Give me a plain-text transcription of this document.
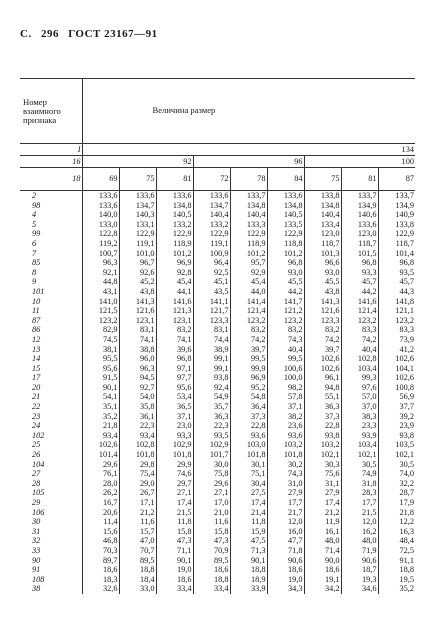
С. 296 ГОСТ 23167—91

Номер взаимного признака	Величина размер								
I	134								
16	92			96			100		
18	69	75	81	72	78	84	75	81	87
2	133,6	133,6	133,6	133,6	133,7	133,6	133,8	133,7	133,7
98	133,6	134,7	134,8	134,7	134,8	134,8	134,8	134,9	134,9
4	140,0	140,3	140,5	140,4	140,4	140,5	140,4	140,6	140,9
5	133,0	133,1	133,2	133,2	133,3	133,5	133,4	133,6	133,8
99	122,8	122,9	122,9	122,9	122,9	122,9	123,0	123,0	122,9
6	119,2	119,1	118,9	119,1	118,9	118,8	118,7	118,7	118,7
7	100,7	101,0	101,2	100,9	101,2	101,2	101,3	101,5	101,4
85	96,3	96,7	96,9	96,4	95,7	96,8	96,6	96,8	96,8
8	92,1	92,6	92,8	92,5	92,9	93,0	93,0	93,3	93,5
9	44,8	45,2	45,4	45,1	45,4	45,5	45,5	45,7	45,7
101	43,1	43,8	44,1	43,5	44,0	44,2	43,8	44,2	44,3
10	141,0	141,3	141,6	141,1	141,4	141,7	141,3	141,6	141,8
11	121,5	121,6	121,3	121,7	121,4	121,2	121,6	121,4	121,1
87	123,2	123,1	123,1	123,3	123,2	123,2	123,3	123,2	123,2
86	82,9	83,1	83,2	83,1	83,2	83,2	83,2	83,3	83,3
12	74,5	74,1	74,1	74,4	74,2	74,3	74,2	74,2	73,9
13	38,1	38,8	39,6	38,9	39,7	40,4	39,7	40,4	41,2
14	95,5	96,0	96,8	99,1	99,5	99,5	102,6	102,8	102,6
15	95,6	96,3	97,1	99,1	99,9	100,6	102,6	103,4	104,1
17	91,5	94,5	97,7	93,8	96,9	100,0	96,1	99,3	102,6
20	90,1	92,7	95,6	92,4	95,2	98,2	94,8	97,6	100,8
21	54,1	54,0	53,4	54,9	54,8	57,8	55,1	57,0	56,9
22	35,1	35,8	36,5	35,7	36,4	37,1	36,3	37,0	37,7
23	35,2	36,1	37,1	36,3	37,3	38,2	37,3	38,3	39,2
24	21,8	22,3	23,0	22,3	22,8	23,6	22,8	23,3	23,9
102	93,4	93,4	93,3	93,5	93,6	93,6	93,8	93,9	93,8
25	102,6	102,8	102,9	102,9	103,0	103,2	103,2	103,4	103,5
26	101,4	101,8	101,8	101,7	101,8	101,8	102,1	102,1	102,1
104	29,6	29,8	29,9	30,0	30,1	30,2	30,3	30,5	30,5
27	76,1	75,4	74,6	75,8	75,1	74,3	75,6	74,9	74,0
28	28,0	29,0	29,7	29,6	30,4	31,0	31,1	31,8	32,2
105	26,2	26,7	27,1	27,1	27,5	27,9	27,9	28,3	28,7
29	16,7	17,1	17,4	17,0	17,4	17,7	17,4	17,7	17,9
106	20,6	21,2	21,5	21,0	21,4	21,7	21,2	21,5	21,8
30	11,4	11,6	11,8	11,6	11,8	12,0	11,9	12,0	12,2
31	15,6	15,7	15,8	15,8	15,9	16,0	16,1	16,2	16,3
32	46,8	47,0	47,3	47,3	47,5	47,7	48,0	48,0	48,4
33	70,3	70,7	71,1	70,9	71,3	71,8	71,4	71,9	72,5
90	89,7	89,5	90,1	89,5	90,1	90,6	90,0	90,6	91,1
91	18,6	18,8	19,0	18,6	18,8	18,6	18,6	18,7	18,8
108	18,3	18,4	18,6	18,8	18,9	19,0	19,1	19,3	19,5
38	32,6	33,0	33,4	33,4	33,9	34,3	34,2	34,6	35,2
